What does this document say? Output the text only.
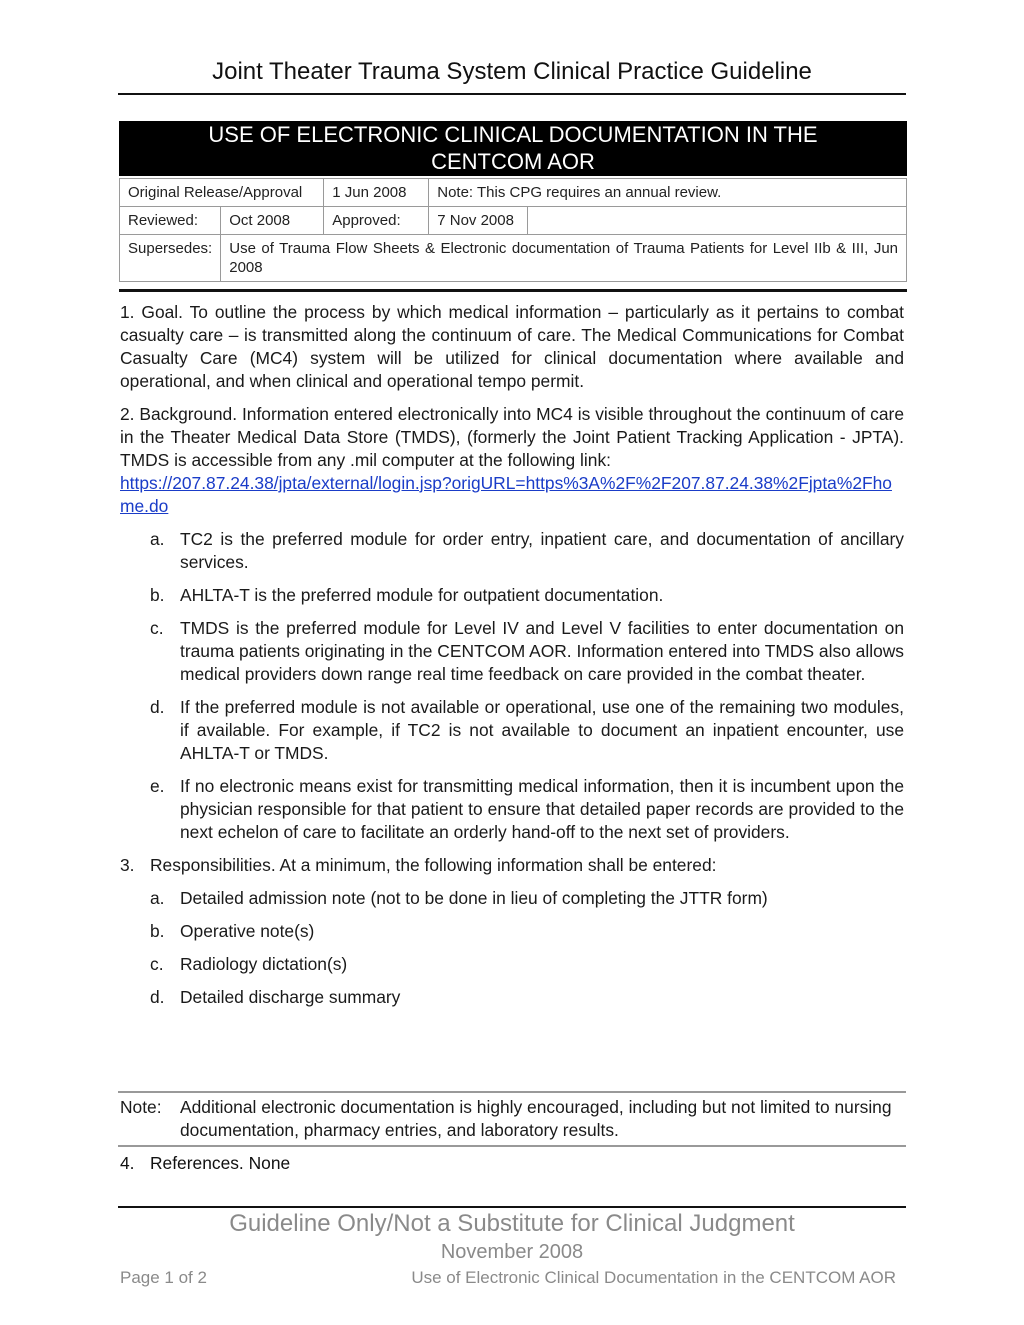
Joint Theater Trauma System Clinical Practice Guideline
USE OF ELECTRONIC CLINICAL DOCUMENTATION IN THE
CENTCOM AOR
Original Release/Approval		1 Jun 2008	Note: This CPG requires an annual review.	
Reviewed:	Oct 2008	Approved:	7 Nov 2008	
Supersedes:	Use of Trauma Flow Sheets & Electronic documentation of Trauma Patients for Level IIb & III, Jun 2008			

1. Goal. To outline the process by which medical information – particularly as it pertains to combat casualty care – is transmitted along the continuum of care. The Medical Communications for Combat Casualty Care (MC4) system will be utilized for clinical documentation where available and operational, and when clinical and operational tempo permit.

2. Background. Information entered electronically into MC4 is visible throughout the continuum of care in the Theater Medical Data Store (TMDS), (formerly the Joint Patient Tracking Application - JPTA). TMDS is accessible from any .mil computer at the following link:

https://207.87.24.38/jpta/external/login.jsp?origURL=https%3A%2F%2F207.87.24.38%2Fjpta%2Fhome.do

a. TC2 is the preferred module for order entry, inpatient care, and documentation of ancillary services.
b. AHLTA-T is the preferred module for outpatient documentation.
c. TMDS is the preferred module for Level IV and Level V facilities to enter documentation on trauma patients originating in the CENTCOM AOR. Information entered into TMDS also allows medical providers down range real time feedback on care provided in the combat theater.
d. If the preferred module is not available or operational, use one of the remaining two modules, if available. For example, if TC2 is not available to document an inpatient encounter, use AHLTA-T or TMDS.
e. If no electronic means exist for transmitting medical information, then it is incumbent upon the physician responsible for that patient to ensure that detailed paper records are provided to the next echelon of care to facilitate an orderly hand-off to the next set of providers.
3. Responsibilities. At a minimum, the following information shall be entered:
a. Detailed admission note (not to be done in lieu of completing the JTTR form)
b. Operative note(s)
c. Radiology dictation(s)
d. Detailed discharge summary
Note: Additional electronic documentation is highly encouraged, including but not limited to nursing documentation, pharmacy entries, and laboratory results.
4. References. None
Guideline Only/Not a Substitute for Clinical Judgment
November 2008
Page 1 of 2	Use of Electronic Clinical Documentation in the CENTCOM AOR
